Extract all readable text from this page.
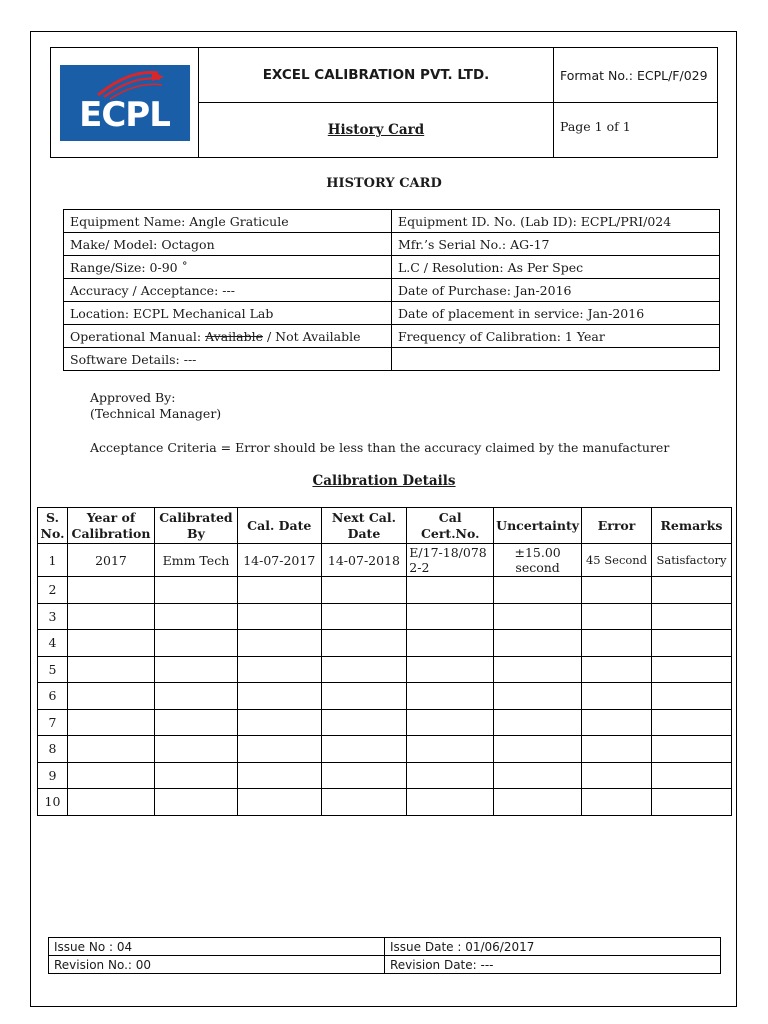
ECPL	EXCEL CALIBRATION PVT. LTD.	Format No.: ECPL/F/029
	History Card	Page 1 of 1
HISTORY CARD
Equipment Name: Angle Graticule	Equipment ID. No. (Lab ID): ECPL/PRI/024
Make/ Model: Octagon	Mfr.’s Serial No.: AG-17
Range/Size: 0-90 ˚	L.C / Resolution: As Per Spec
Accuracy / Acceptance: ---	Date of Purchase: Jan-2016
Location: ECPL Mechanical Lab	Date of placement in service: Jan-2016
Operational Manual: Available / Not Available	Frequency of Calibration: 1 Year
Software Details: ---	
Approved By:
(Technical Manager)
Acceptance Criteria = Error should be less than the accuracy claimed by the manufacturer
Calibration Details
S. No.	Year of Calibration	Calibrated By	Cal. Date	Next Cal. Date	Cal Cert.No.	Uncertainty	Error	Remarks
1	2017	Emm Tech	14-07-2017	14-07-2018	E/17-18/0782-2	±15.00 second	45 Second	Satisfactory
2								
3								
4								
5								
6								
7								
8								
9								
10								
Issue No : 04	Issue Date : 01/06/2017
Revision No.: 00	Revision Date: ---
